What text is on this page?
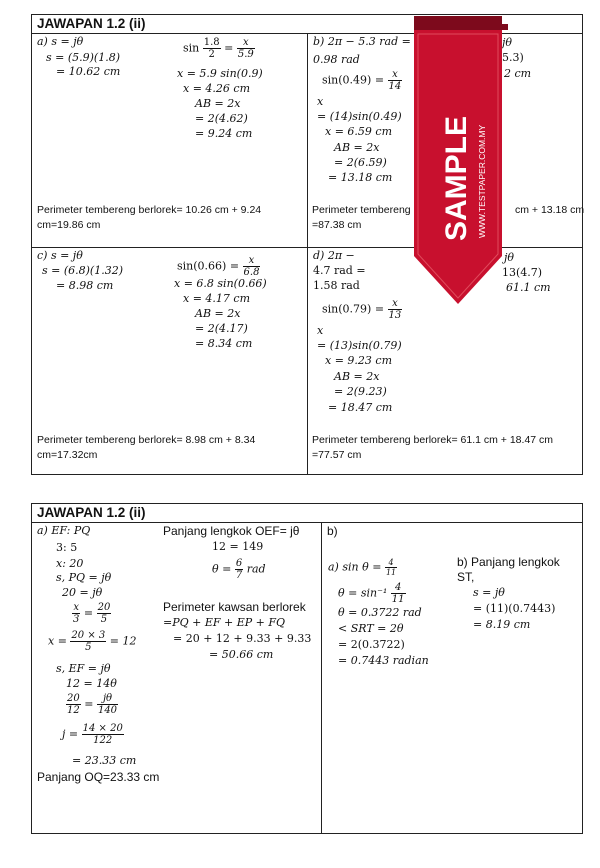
JAWAPAN 1.2 (ii)
a) s = jθ
s = (5.9)(1.8)
= 10.62 cm
$\sin \frac{1.8}{2} = \frac{x}{5.9}$
x = 5.9 sin(0.9)
x = 4.26 cm
AB = 2x
= 2(4.62)
= 9.24 cm
Perimeter tembereng berlorek= 10.26 cm + 9.24 cm=19.86 cm
b) 2π − 5.3 rad =
0.98 rad
$\sin(0.49) = \frac{x}{14}$
x
= (14)sin(0.49)
x = 6.59 cm
AB = 2x
= 2(6.59)
= 13.18 cm
jθ
5.3)
2 cm
Perimeter tembereng	cm + 13.18 cm
=87.38 cm
c) s = jθ
s = (6.8)(1.32)
= 8.98 cm
$\sin(0.66) = \frac{x}{6.8}$
x = 6.8 sin(0.66)
x = 4.17 cm
AB = 2x
= 2(4.17)
= 8.34 cm
Perimeter tembereng berlorek= 8.98 cm + 8.34 cm=17.32cm
d) 2π −
4.7 rad =
1.58 rad
$\sin(0.79) = \frac{x}{13}$
x
= (13)sin(0.79)
x = 9.23 cm
AB = 2x
= 2(9.23)
= 18.47 cm
jθ
13(4.7)
61.1 cm
Perimeter tembereng berlorek= 61.1 cm + 18.47 cm =77.57 cm
SAMPLE WWW.TESTPAPER.COM.MY
JAWAPAN 1.2 (ii)
a) EF: PQ
3: 5
x: 20
s, PQ = jθ
20 = jθ
$\frac{x}{3} = \frac{20}{5}$
$x = \frac{20 \times 3}{5} = 12$
s, EF = jθ
12 = 14θ
$\frac{20}{12} = \frac{j\theta}{140}$
$j = \frac{14 \times 20}{122}$
= 23.33 cm
Panjang OQ=23.33 cm
Panjang lengkok OEF= jθ
12 = 149
$\theta = \frac{6}{7}$ rad
Perimeter kawsan berlorek
=PQ + EF + EP + FQ
= 20 + 12 + 9.33 + 9.33
= 50.66 cm
b)
a) $\sin \theta = \frac{4}{11}$
$\theta = \sin^{-1} \frac{4}{11}$
θ = 0.3722 rad
< SRT = 2θ
= 2(0.3722)
= 0.7443 radian
b) Panjang lengkok
ST,
s = jθ
= (11)(0.7443)
= 8.19 cm
